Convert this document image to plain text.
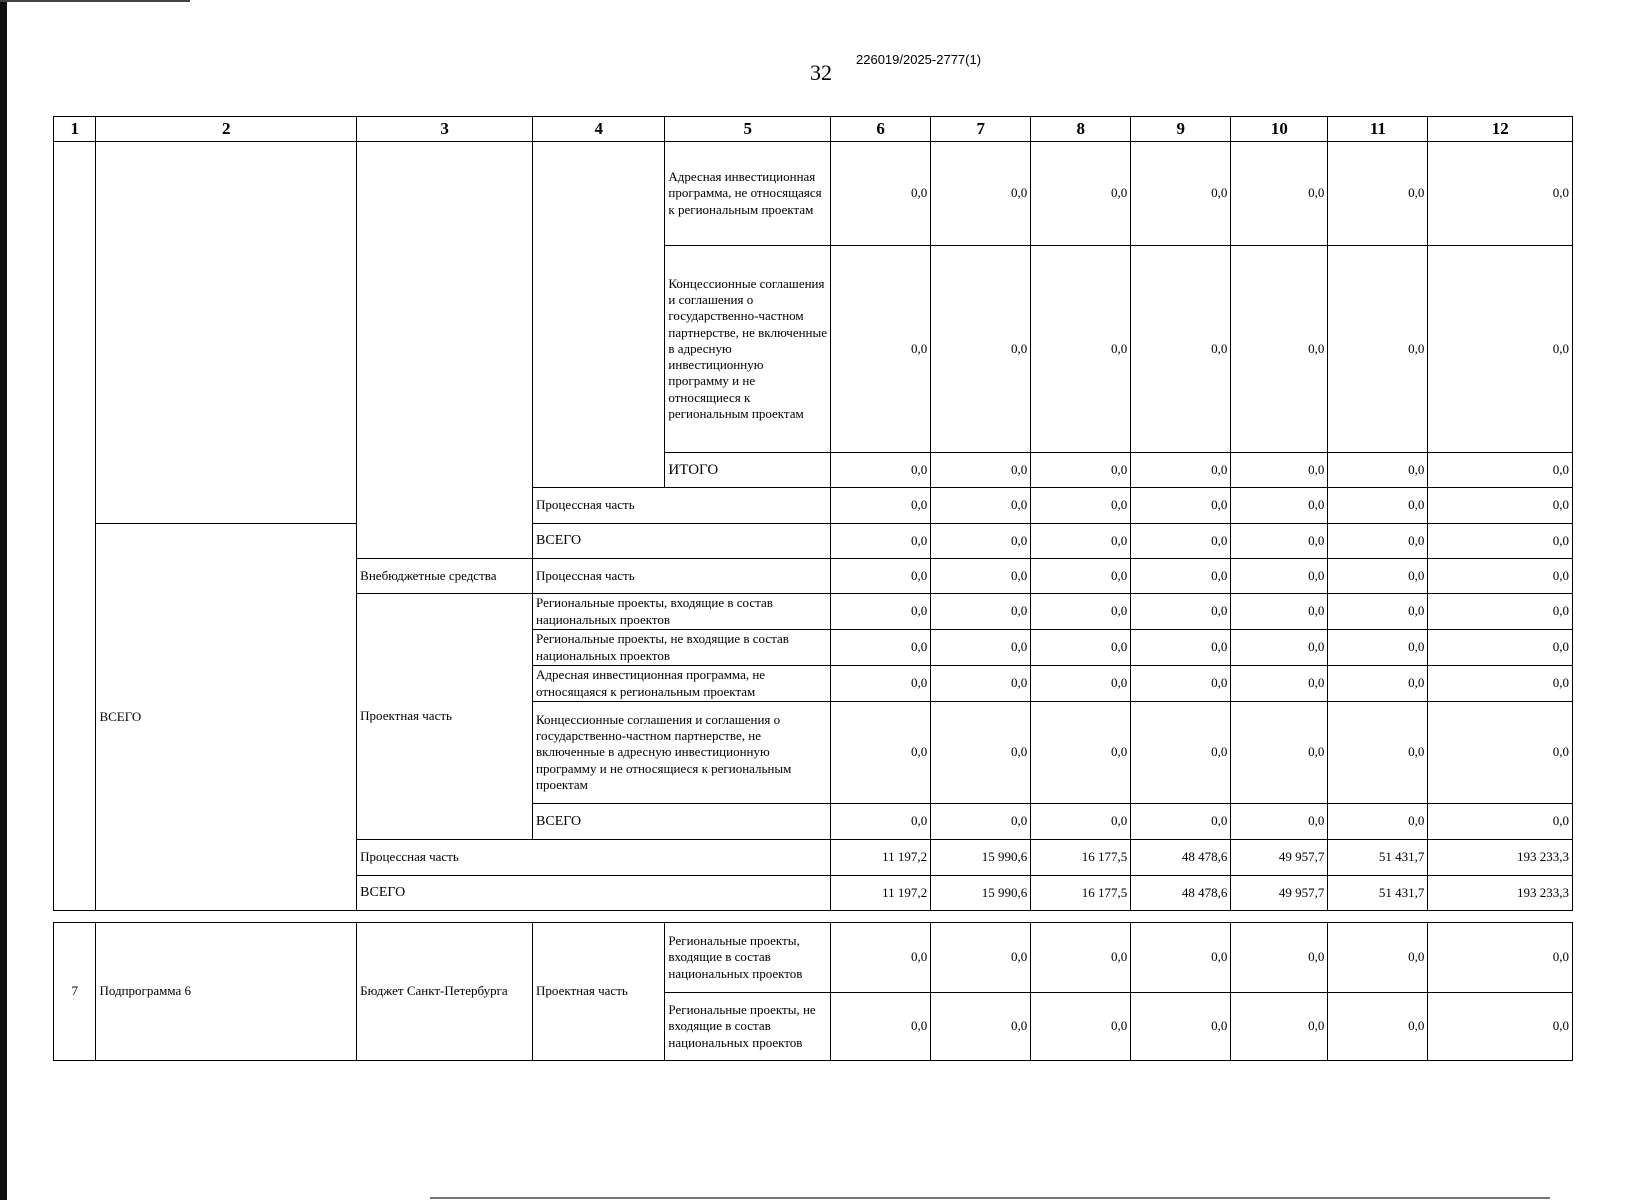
32
226019/2025-2777(1)
1	2	3	4	5	6	7	8	9	10	11	12
				Адресная инвестиционная программа, не относящаяся к региональным проектам	0,0	0,0	0,0	0,0	0,0	0,0	0,0
				Концессионные соглашения и соглашения о государственно-частном партнерстве, не включенные в адресную инвестиционную программу и не относящиеся к региональным проектам	0,0	0,0	0,0	0,0	0,0	0,0	0,0
				ИТОГО	0,0	0,0	0,0	0,0	0,0	0,0	0,0
			Процессная часть		0,0	0,0	0,0	0,0	0,0	0,0	0,0
	ВСЕГО		ВСЕГО		0,0	0,0	0,0	0,0	0,0	0,0	0,0
		Внебюджетные средства	Процессная часть		0,0	0,0	0,0	0,0	0,0	0,0	0,0
		Проектная часть	Региональные проекты, входящие в состав национальных проектов		0,0	0,0	0,0	0,0	0,0	0,0	0,0
			Региональные проекты, не входящие в состав национальных проектов		0,0	0,0	0,0	0,0	0,0	0,0	0,0
			Адресная инвестиционная программа, не относящаяся к региональным проектам		0,0	0,0	0,0	0,0	0,0	0,0	0,0
			Концессионные соглашения и соглашения о государственно-частном партнерстве, не включенные в адресную инвестиционную программу и не относящиеся к региональным проектам		0,0	0,0	0,0	0,0	0,0	0,0	0,0
			ВСЕГО		0,0	0,0	0,0	0,0	0,0	0,0	0,0
		Процессная часть			11 197,2	15 990,6	16 177,5	48 478,6	49 957,7	51 431,7	193 233,3
		ВСЕГО			11 197,2	15 990,6	16 177,5	48 478,6	49 957,7	51 431,7	193 233,3
7	Подпрограмма 6	Бюджет Санкт-Петербурга	Проектная часть	Региональные проекты, входящие в состав национальных проектов	0,0	0,0	0,0	0,0	0,0	0,0	0,0
				Региональные проекты, не входящие в состав национальных проектов	0,0	0,0	0,0	0,0	0,0	0,0	0,0
